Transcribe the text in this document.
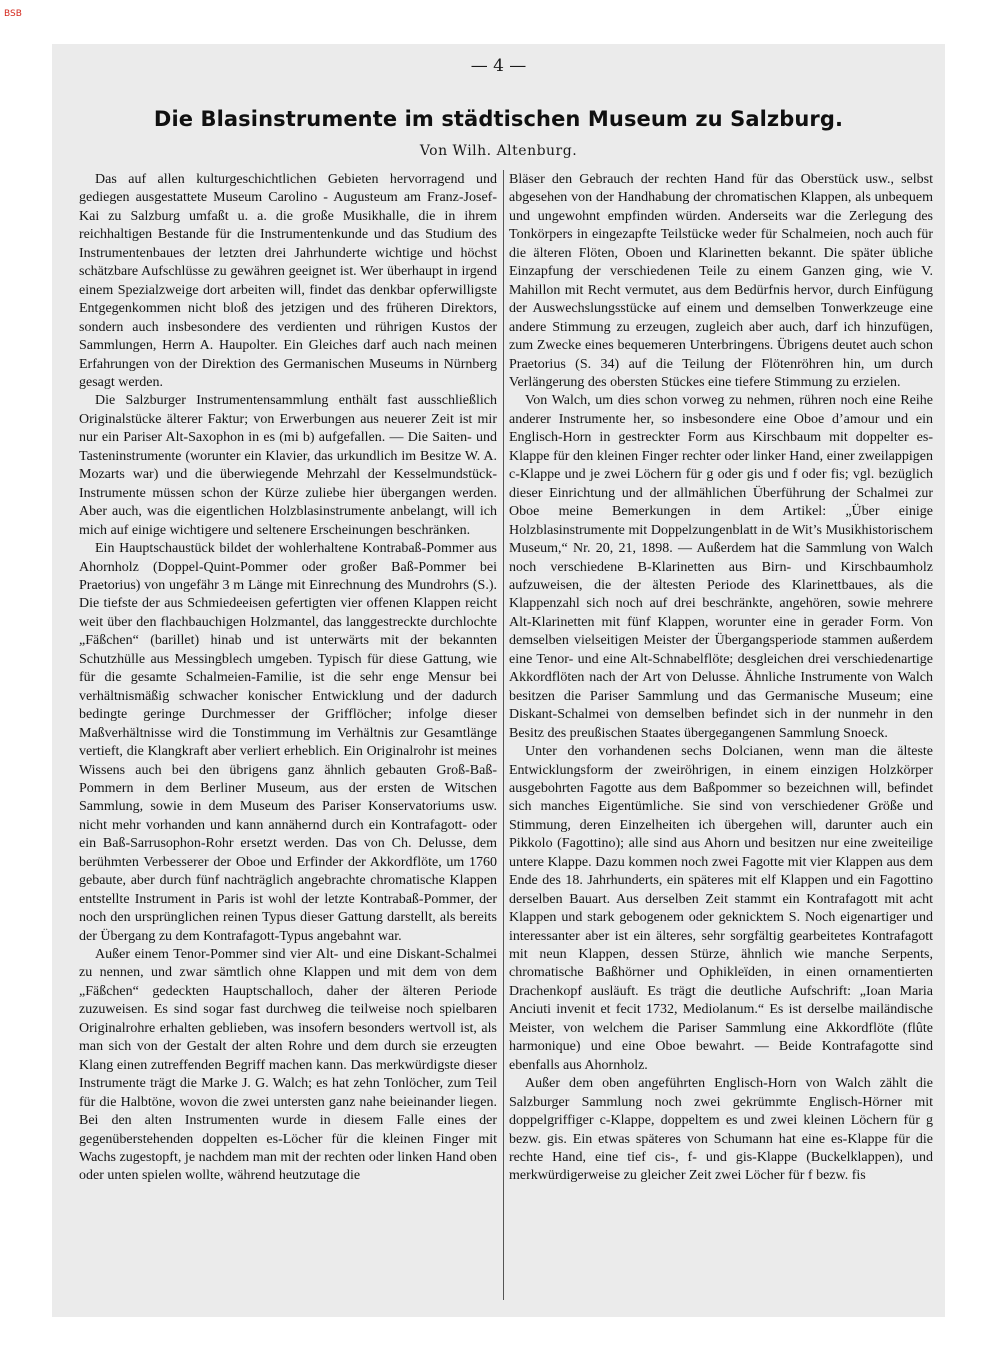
BSB
— 4 —
Die Blasinstrumente im städtischen Museum zu Salzburg.
Von Wilh. Altenburg.

Das auf allen kulturgeschichtlichen Gebieten hervorragend und gediegen ausgestattete Museum Carolino - Augusteum am Franz-Josef-Kai zu Salzburg umfaßt u. a. die große Musikhalle, die in ihrem reichhaltigen Bestande für die Instrumentenkunde und das Studium des Instrumentenbaues der letzten drei Jahrhunderte wichtige und höchst schätzbare Aufschlüsse zu gewähren geeignet ist. Wer überhaupt in irgend einem Spezialzweige dort arbeiten will, findet das denkbar opferwilligste Entgegenkommen nicht bloß des jetzigen und des früheren Direktors, sondern auch insbesondere des verdienten und rührigen Kustos der Sammlungen, Herrn A. Haupolter. Ein Gleiches darf auch nach meinen Erfahrungen von der Direktion des Germanischen Museums in Nürnberg gesagt werden.

Die Salzburger Instrumentensammlung enthält fast ausschließlich Originalstücke älterer Faktur; von Erwerbungen aus neuerer Zeit ist mir nur ein Pariser Alt-Saxophon in es (mi b) aufgefallen. — Die Saiten- und Tasteninstrumente (worunter ein Klavier, das urkundlich im Besitze W. A. Mozarts war) und die überwiegende Mehrzahl der Kesselmundstück-Instrumente müssen schon der Kürze zuliebe hier übergangen werden. Aber auch, was die eigentlichen Holzblasinstrumente anbelangt, will ich mich auf einige wichtigere und seltenere Erscheinungen beschränken.

Ein Hauptschaustück bildet der wohlerhaltene Kontrabaß-Pommer aus Ahornholz (Doppel-Quint-Pommer oder großer Baß-Pommer bei Praetorius) von ungefähr 3 m Länge mit Einrechnung des Mundrohrs (S.). Die tiefste der aus Schmiedeeisen gefertigten vier offenen Klappen reicht weit über den flachbauchigen Holzmantel, das langgestreckte durchlochte „Fäßchen“ (barillet) hinab und ist unterwärts mit der bekannten Schutzhülle aus Messingblech umgeben. Typisch für diese Gattung, wie für die gesamte Schalmeien-Familie, ist die sehr enge Mensur bei verhältnismäßig schwacher konischer Entwicklung und der dadurch bedingte geringe Durchmesser der Grifflöcher; infolge dieser Maßverhältnisse wird die Tonstimmung im Verhältnis zur Gesamtlänge vertieft, die Klangkraft aber verliert erheblich. Ein Originalrohr ist meines Wissens auch bei den übrigens ganz ähnlich gebauten Groß-Baß-Pommern in dem Berliner Museum, aus der ersten de Witschen Sammlung, sowie in dem Museum des Pariser Konservatoriums usw. nicht mehr vorhanden und kann annähernd durch ein Kontrafagott- oder ein Baß-Sarrusophon-Rohr ersetzt werden. Das von Ch. Delusse, dem berühmten Verbesserer der Oboe und Erfinder der Akkordflöte, um 1760 gebaute, aber durch fünf nachträglich angebrachte chromatische Klappen entstellte Instrument in Paris ist wohl der letzte Kontrabaß-Pommer, der noch den ursprünglichen reinen Typus dieser Gattung darstellt, als bereits der Übergang zu dem Kontrafagott-Typus angebahnt war.

Außer einem Tenor-Pommer sind vier Alt- und eine Diskant-Schalmei zu nennen, und zwar sämtlich ohne Klappen und mit dem von dem „Fäßchen“ gedeckten Hauptschalloch, daher der älteren Periode zuzuweisen. Es sind sogar fast durchweg die teilweise noch spielbaren Originalrohre erhalten geblieben, was insofern besonders wertvoll ist, als man sich von der Gestalt der alten Rohre und dem durch sie erzeugten Klang einen zutreffenden Begriff machen kann. Das merkwürdigste dieser Instrumente trägt die Marke J. G. Walch; es hat zehn Tonlöcher, zum Teil für die Halbtöne, wovon die zwei untersten ganz nahe beieinander liegen. Bei den alten Instrumenten wurde in diesem Falle eines der gegenüberstehenden doppelten es-Löcher für die kleinen Finger mit Wachs zugestopft, je nachdem man mit der rechten oder linken Hand oben oder unten spielen wollte, während heutzutage die

Bläser den Gebrauch der rechten Hand für das Oberstück usw., selbst abgesehen von der Handhabung der chromatischen Klappen, als unbequem und ungewohnt empfinden würden. Anderseits war die Zerlegung des Tonkörpers in eingezapfte Teilstücke weder für Schalmeien, noch auch für die älteren Flöten, Oboen und Klarinetten bekannt. Die später übliche Einzapfung der verschiedenen Teile zu einem Ganzen ging, wie V. Mahillon mit Recht vermutet, aus dem Bedürfnis hervor, durch Einfügung der Auswechslungsstücke auf einem und demselben Tonwerkzeuge eine andere Stimmung zu erzeugen, zugleich aber auch, darf ich hinzufügen, zum Zwecke eines bequemeren Unterbringens. Übrigens deutet auch schon Praetorius (S. 34) auf die Teilung der Flötenröhren hin, um durch Verlängerung des obersten Stückes eine tiefere Stimmung zu erzielen.

Von Walch, um dies schon vorweg zu nehmen, rühren noch eine Reihe anderer Instrumente her, so insbesondere eine Oboe d’amour und ein Englisch-Horn in gestreckter Form aus Kirschbaum mit doppelter es-Klappe für den kleinen Finger rechter oder linker Hand, einer zweilappigen c-Klappe und je zwei Löchern für g oder gis und f oder fis; vgl. bezüglich dieser Einrichtung und der allmählichen Überführung der Schalmei zur Oboe meine Bemerkungen in dem Artikel: „Über einige Holzblasinstrumente mit Doppelzungenblatt in de Wit’s Musikhistorischem Museum,“ Nr. 20, 21, 1898. — Außerdem hat die Sammlung von Walch noch verschiedene B-Klarinetten aus Birn- und Kirschbaumholz aufzuweisen, die der ältesten Periode des Klarinettbaues, als die Klappenzahl sich noch auf drei beschränkte, angehören, sowie mehrere Alt-Klarinetten mit fünf Klappen, worunter eine in gerader Form. Von demselben vielseitigen Meister der Übergangsperiode stammen außerdem eine Tenor- und eine Alt-Schnabelflöte; desgleichen drei verschiedenartige Akkordflöten nach der Art von Delusse. Ähnliche Instrumente von Walch besitzen die Pariser Sammlung und das Germanische Museum; eine Diskant-Schalmei von demselben befindet sich in der nunmehr in den Besitz des preußischen Staates übergegangenen Sammlung Snoeck.

Unter den vorhandenen sechs Dolcianen, wenn man die älteste Entwicklungsform der zweiröhrigen, in einem einzigen Holzkörper ausgebohrten Fagotte aus dem Baßpommer so bezeichnen will, befindet sich manches Eigentümliche. Sie sind von verschiedener Größe und Stimmung, deren Einzelheiten ich übergehen will, darunter auch ein Pikkolo (Fagottino); alle sind aus Ahorn und besitzen nur eine zweiteilige untere Klappe. Dazu kommen noch zwei Fagotte mit vier Klappen aus dem Ende des 18. Jahrhunderts, ein späteres mit elf Klappen und ein Fagottino derselben Bauart. Aus derselben Zeit stammt ein Kontrafagott mit acht Klappen und stark gebogenem oder geknicktem S. Noch eigenartiger und interessanter aber ist ein älteres, sehr sorgfältig gearbeitetes Kontrafagott mit neun Klappen, dessen Stürze, ähnlich wie manche Serpents, chromatische Baßhörner und Ophikleïden, in einen ornamentierten Drachenkopf ausläuft. Es trägt die deutliche Aufschrift: „Ioan Maria Anciuti invenit et fecit 1732, Mediolanum.“ Es ist derselbe mailändische Meister, von welchem die Pariser Sammlung eine Akkordflöte (flûte harmonique) und eine Oboe bewahrt. — Beide Kontrafagotte sind ebenfalls aus Ahornholz.

Außer dem oben angeführten Englisch-Horn von Walch zählt die Salzburger Sammlung noch zwei gekrümmte Englisch-Hörner mit doppelgriffiger c-Klappe, doppeltem es und zwei kleinen Löchern für g bezw. gis. Ein etwas späteres von Schumann hat eine es-Klappe für die rechte Hand, eine tief cis-, f- und gis-Klappe (Buckelklappen), und merkwürdigerweise zu gleicher Zeit zwei Löcher für f bezw. fis
